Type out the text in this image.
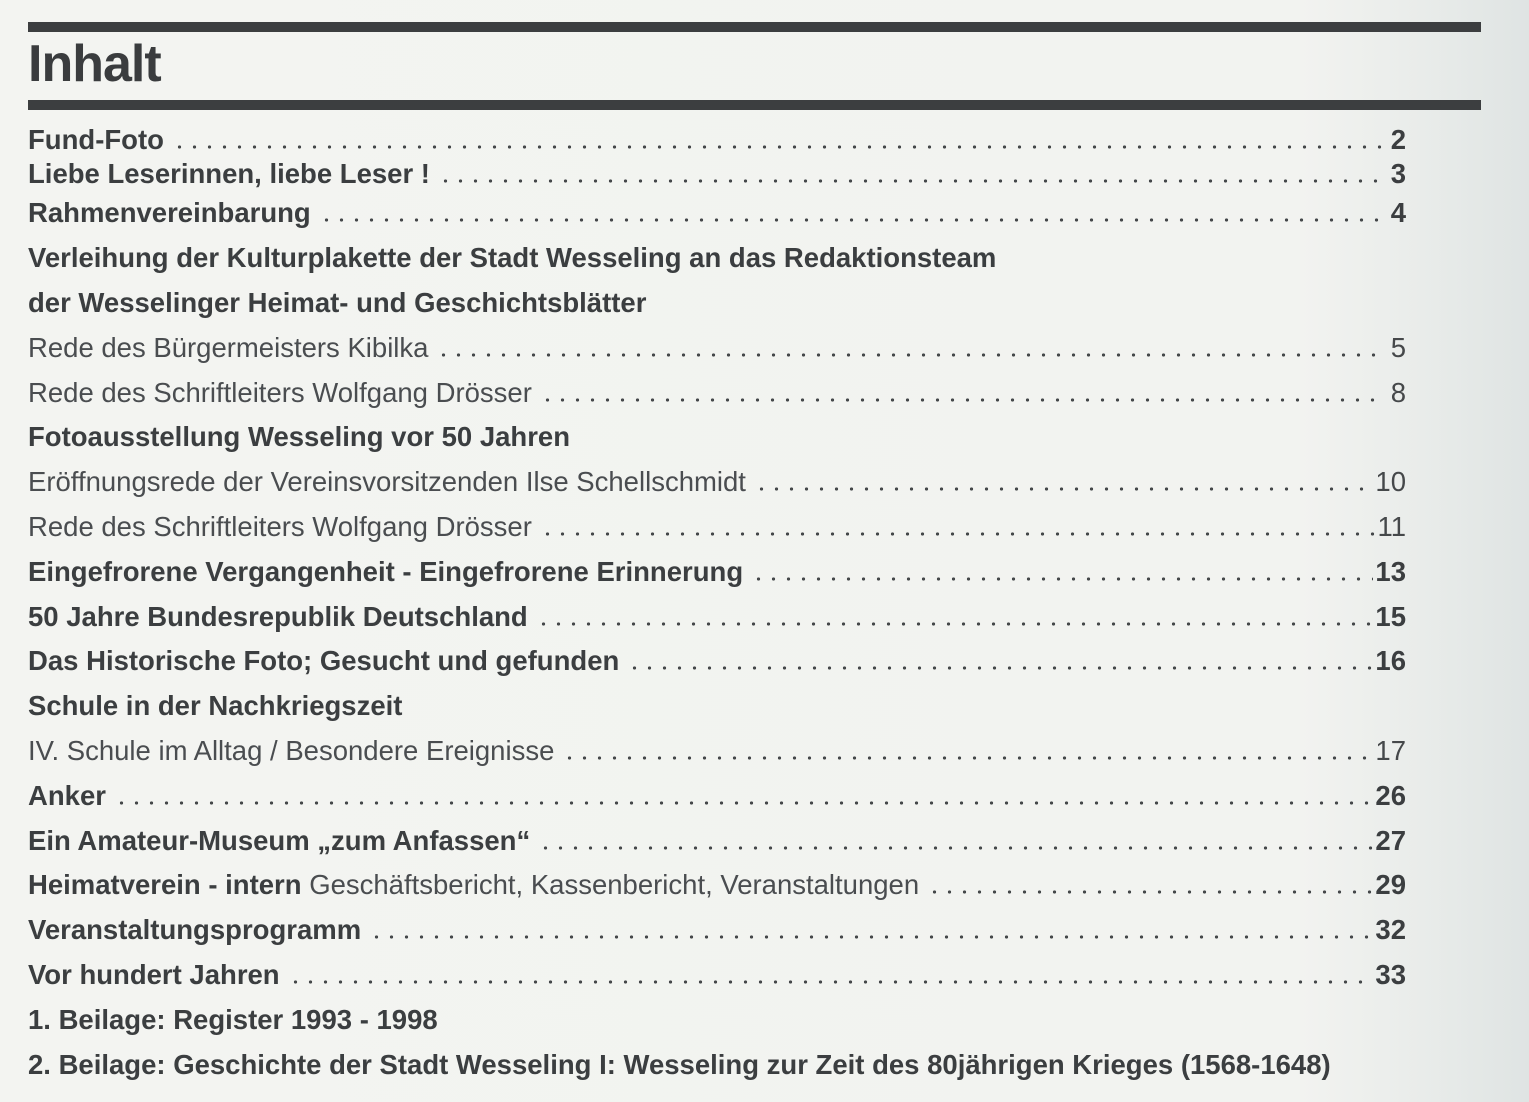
Inhalt
Fund-Foto	2
Liebe Leserinnen, liebe Leser !	3
Rahmenvereinbarung	4
Verleihung der Kulturplakette der Stadt Wesseling an das Redaktionsteam
der Wesselinger Heimat- und Geschichtsblätter
Rede des Bürgermeisters Kibilka	5
Rede des Schriftleiters Wolfgang Drösser	8
Fotoausstellung Wesseling vor 50 Jahren
Eröffnungsrede der Vereinsvorsitzenden Ilse Schellschmidt	10
Rede des Schriftleiters Wolfgang Drösser	11
Eingefrorene Vergangenheit - Eingefrorene Erinnerung	13
50 Jahre Bundesrepublik Deutschland	15
Das Historische Foto; Gesucht und gefunden	16
Schule in der Nachkriegszeit
IV. Schule im Alltag / Besondere Ereignisse	17
Anker	26
Ein Amateur-Museum „zum Anfassen“	27
Heimatverein - intern Geschäftsbericht, Kassenbericht, Veranstaltungen	29
Veranstaltungsprogramm	32
Vor hundert Jahren	33
1. Beilage: Register 1993 - 1998
2. Beilage: Geschichte der Stadt Wesseling I: Wesseling zur Zeit des 80jährigen Krieges (1568-1648)
